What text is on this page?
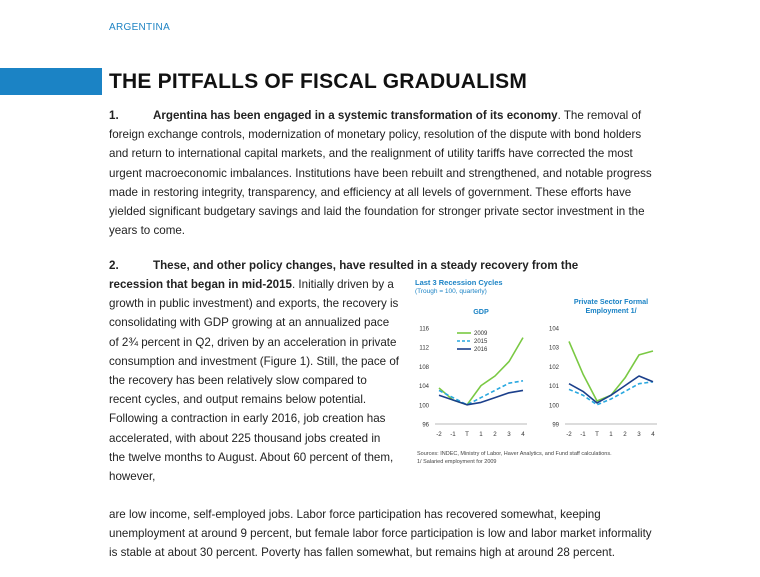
ARGENTINA
THE PITFALLS OF FISCAL GRADUALISM

1.	Argentina has been engaged in a systemic transformation of its economy. The removal of foreign exchange controls, modernization of monetary policy, resolution of the dispute with bond holders and return to international capital markets, and the realignment of utility tariffs have corrected the most urgent macroeconomic imbalances. Institutions have been rebuilt and strengthened, and notable progress made in restoring integrity, transparency, and efficiency at all levels of government. These efforts have yielded significant budgetary savings and laid the foundation for stronger private sector investment in the years to come.

2.	These, and other policy changes, have resulted in a steady recovery from the

recession that began in mid-2015. Initially driven by a growth in public investment) and exports, the recovery is consolidating with GDP growing at an annualized pace of 2¾ percent in Q2, driven by an acceleration in private consumption and investment (Figure 1). Still, the pace of the recovery has been relatively slow compared to recent cycles, and output remains below potential. Following a contraction in early 2016, job creation has accelerated, with about 225 thousand jobs created in the twelve months to August. About 60 percent of them, however,

Last 3 Recession Cycles
(Trough = 100, quarterly)
GDP
96
100
104
108
112
116
-2 -1 T 1 2 3 4
2009
2015
2016
Private Sector Formal
Employment 1/
99
100
101
102
103
104
-2 -1 T 1 2 3 4
Sources: INDEC, Ministry of Labor, Haver Analytics, and Fund staff calculations.
1/ Salaried employment for 2009

are low income, self-employed jobs. Labor force participation has recovered somewhat, keeping unemployment at around 9 percent, but female labor force participation is low and labor market informality is stable at about 30 percent. Poverty has fallen somewhat, but remains high at around 28 percent.
